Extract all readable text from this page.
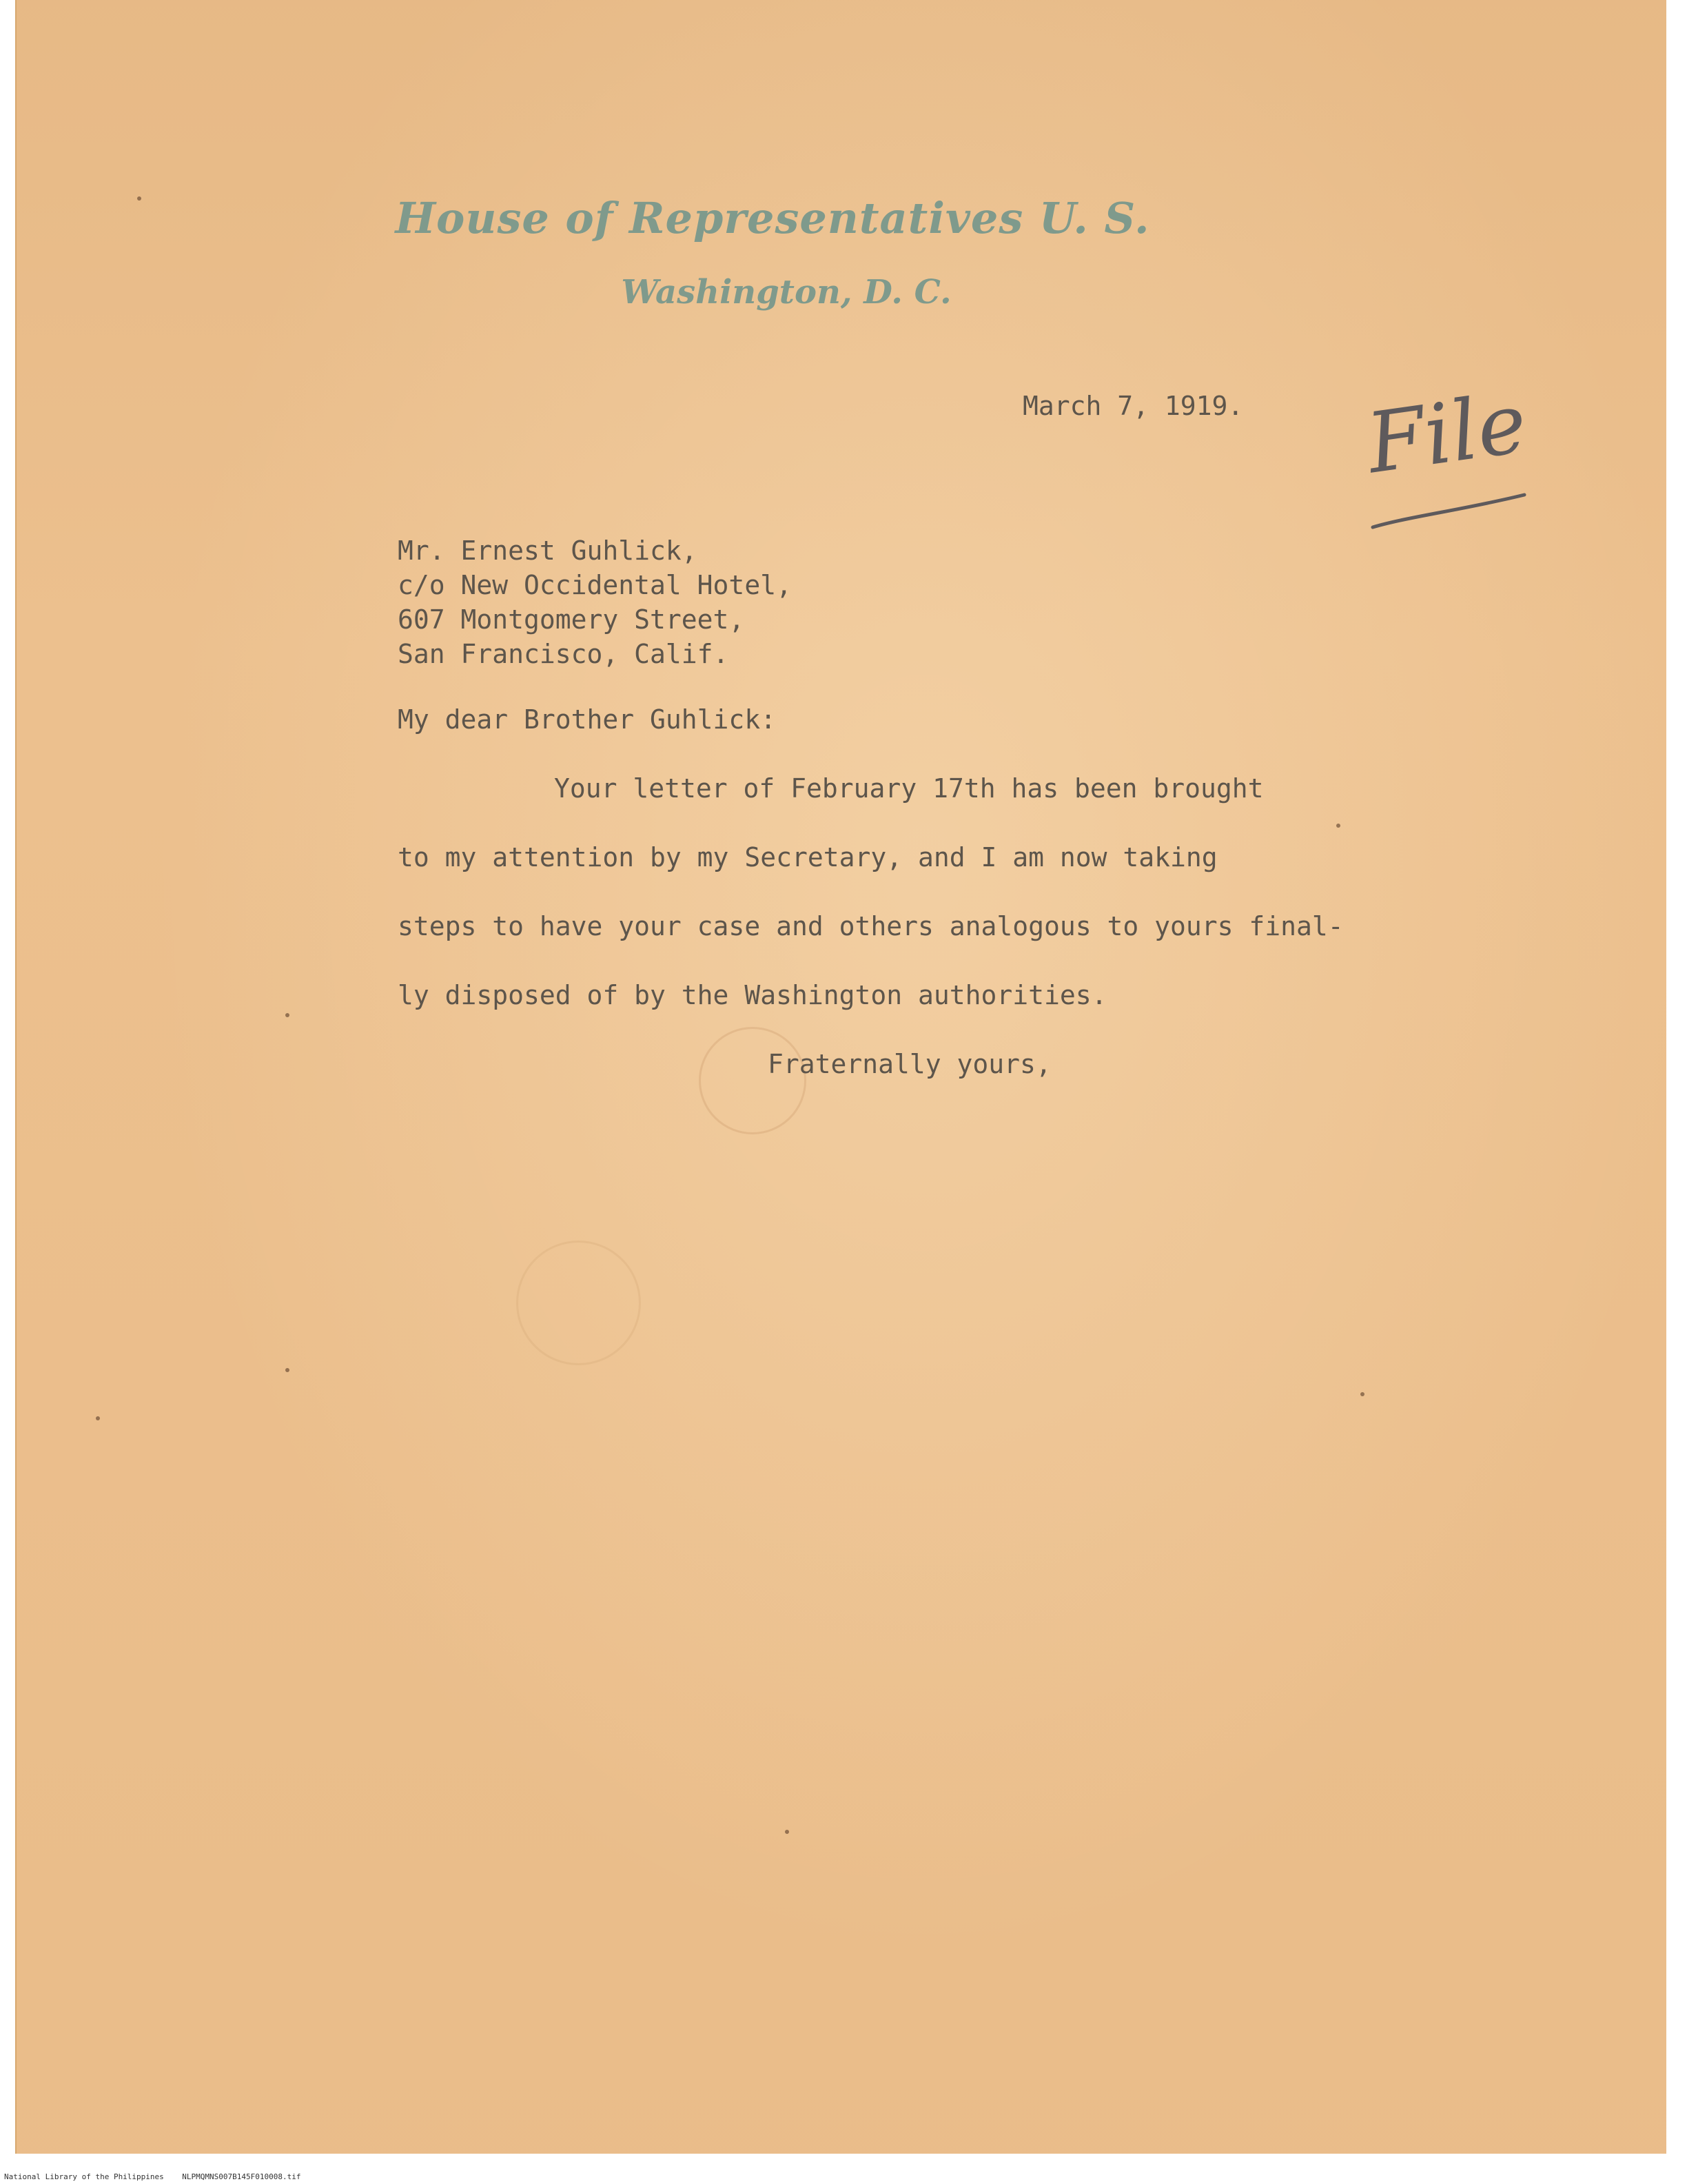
House of Representatives U. S.
Washington, D. C.
March 7, 1919. File
Mr. Ernest Guhlick,
c/o New Occidental Hotel,
607 Montgomery Street,
San Francisco, Calif.
My dear Brother Guhlick:
Your letter of February 17th has been brought
to my attention by my Secretary, and I am now taking
steps to have your case and others analogous to yours final-
ly disposed of by the Washington authorities.
Fraternally yours,
National Library of the Philippines NLPMQMNS007B145F010008.tif
